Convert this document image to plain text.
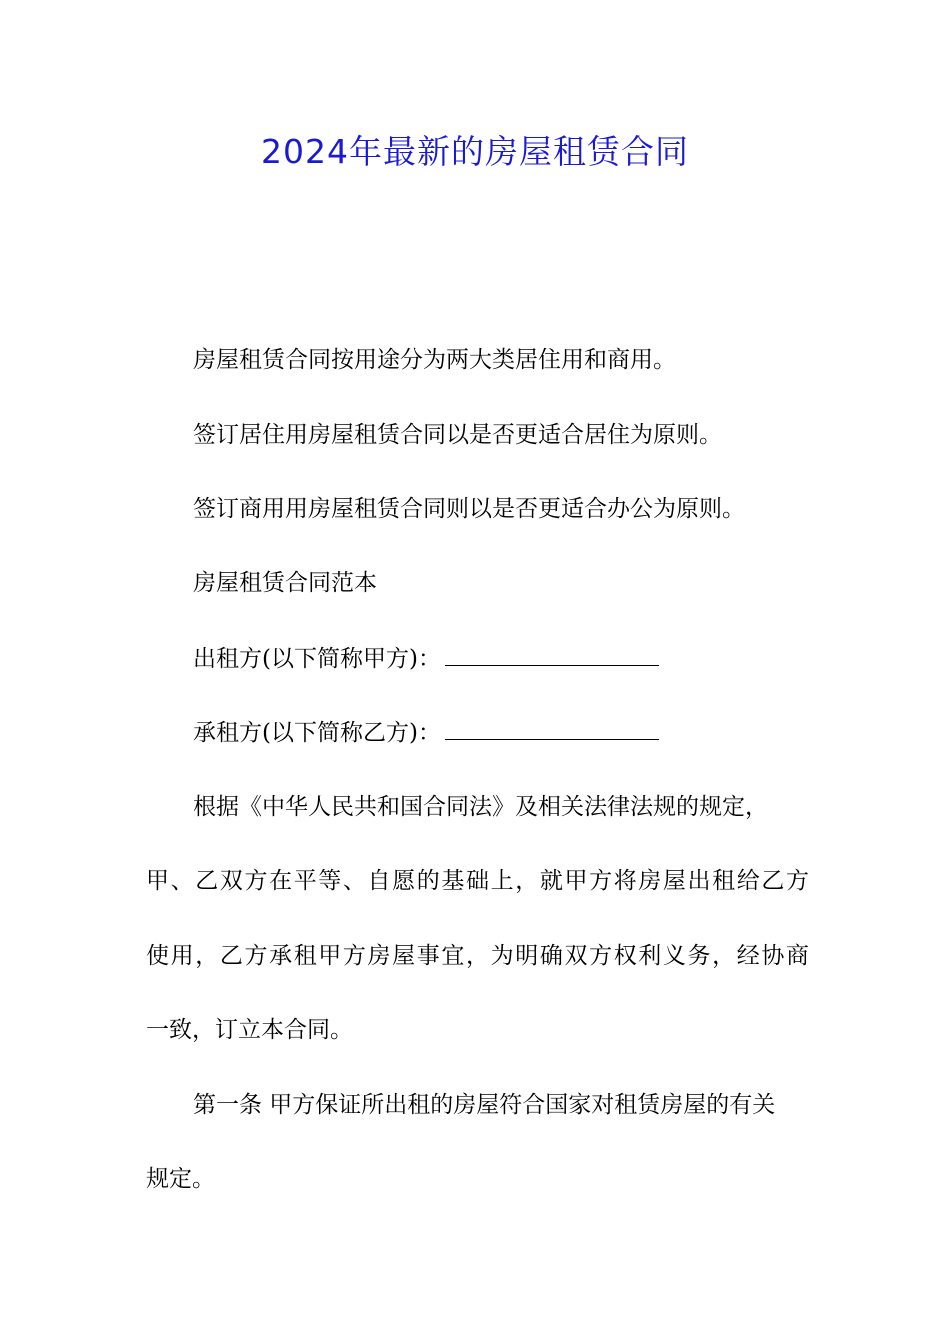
2024年最新的房屋租赁合同

房屋租赁合同按用途分为两大类居住用和商用。

签订居住用房屋租赁合同以是否更适合居住为原则。

签订商用用房屋租赁合同则以是否更适合办公为原则。

房屋租赁合同范本

出租方(以下简称甲方)：

承租方(以下简称乙方)：

根据《中华人民共和国合同法》及相关法律法规的规定，

甲、乙双方在平等、自愿的基础上，就甲方将房屋出租给乙方

使用，乙方承租甲方房屋事宜，为明确双方权利义务，经协商

一致，订立本合同。

第一条 甲方保证所出租的房屋符合国家对租赁房屋的有关

规定。
